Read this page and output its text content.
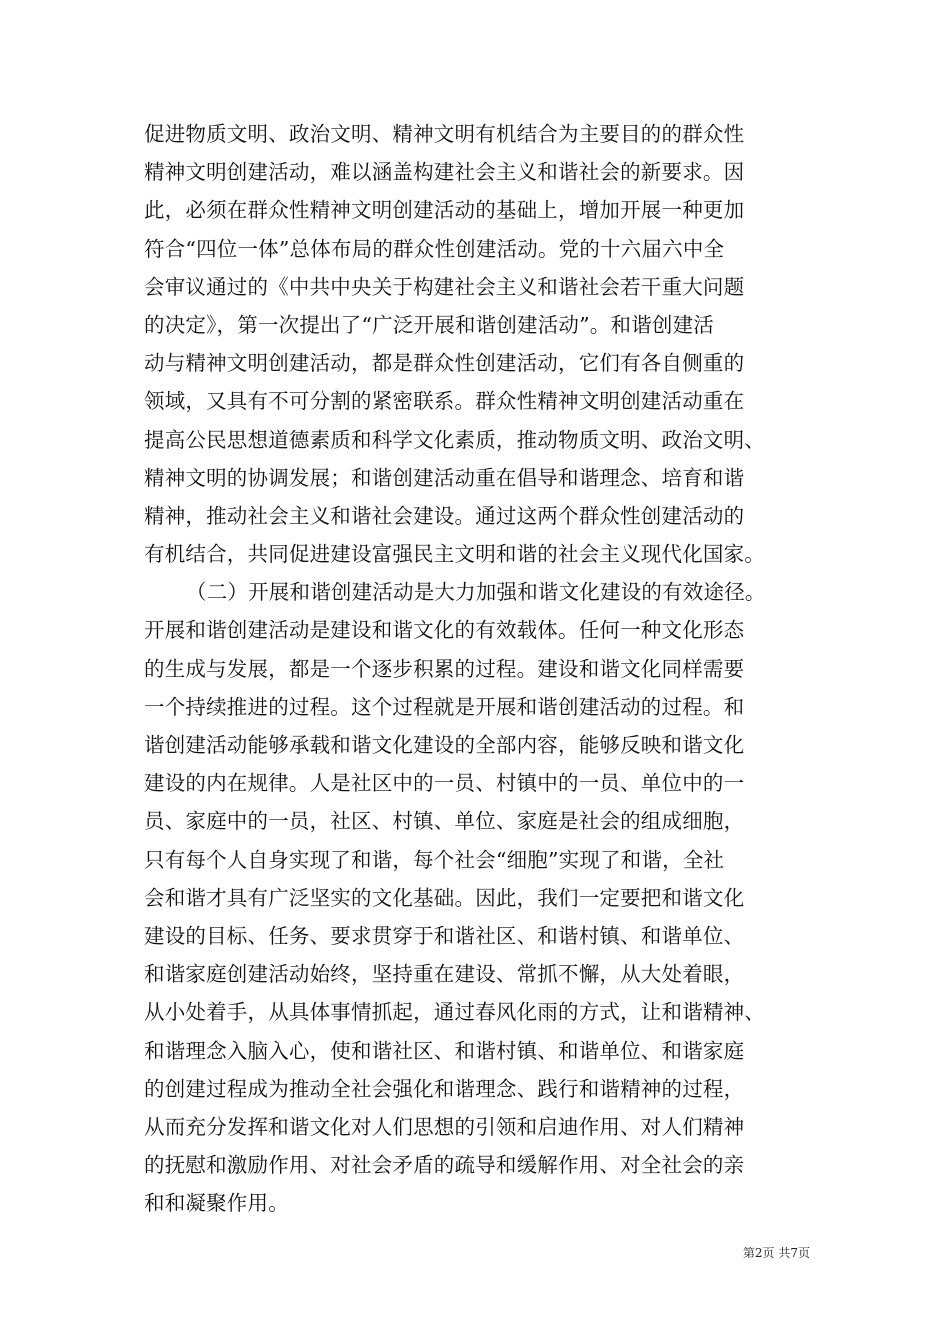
促进物质文明、政治文明、精神文明有机结合为主要目的的群众性
精神文明创建活动，难以涵盖构建社会主义和谐社会的新要求。因
此，必须在群众性精神文明创建活动的基础上，增加开展一种更加
符合“四位一体”总体布局的群众性创建活动。党的十六届六中全
会审议通过的《中共中央关于构建社会主义和谐社会若干重大问题
的决定》，第一次提出了“广泛开展和谐创建活动”。和谐创建活
动与精神文明创建活动，都是群众性创建活动，它们有各自侧重的
领域，又具有不可分割的紧密联系。群众性精神文明创建活动重在
提高公民思想道德素质和科学文化素质，推动物质文明、政治文明、
精神文明的协调发展；和谐创建活动重在倡导和谐理念、培育和谐
精神，推动社会主义和谐社会建设。通过这两个群众性创建活动的
有机结合，共同促进建设富强民主文明和谐的社会主义现代化国家。
（二）开展和谐创建活动是大力加强和谐文化建设的有效途径。
开展和谐创建活动是建设和谐文化的有效载体。任何一种文化形态
的生成与发展，都是一个逐步积累的过程。建设和谐文化同样需要
一个持续推进的过程。这个过程就是开展和谐创建活动的过程。和
谐创建活动能够承载和谐文化建设的全部内容，能够反映和谐文化
建设的内在规律。人是社区中的一员、村镇中的一员、单位中的一
员、家庭中的一员，社区、村镇、单位、家庭是社会的组成细胞，
只有每个人自身实现了和谐，每个社会“细胞”实现了和谐，全社
会和谐才具有广泛坚实的文化基础。因此，我们一定要把和谐文化
建设的目标、任务、要求贯穿于和谐社区、和谐村镇、和谐单位、
和谐家庭创建活动始终，坚持重在建设、常抓不懈，从大处着眼，
从小处着手，从具体事情抓起，通过春风化雨的方式，让和谐精神、
和谐理念入脑入心，使和谐社区、和谐村镇、和谐单位、和谐家庭
的创建过程成为推动全社会强化和谐理念、践行和谐精神的过程，
从而充分发挥和谐文化对人们思想的引领和启迪作用、对人们精神
的抚慰和激励作用、对社会矛盾的疏导和缓解作用、对全社会的亲
和和凝聚作用。
第2页 共7页
